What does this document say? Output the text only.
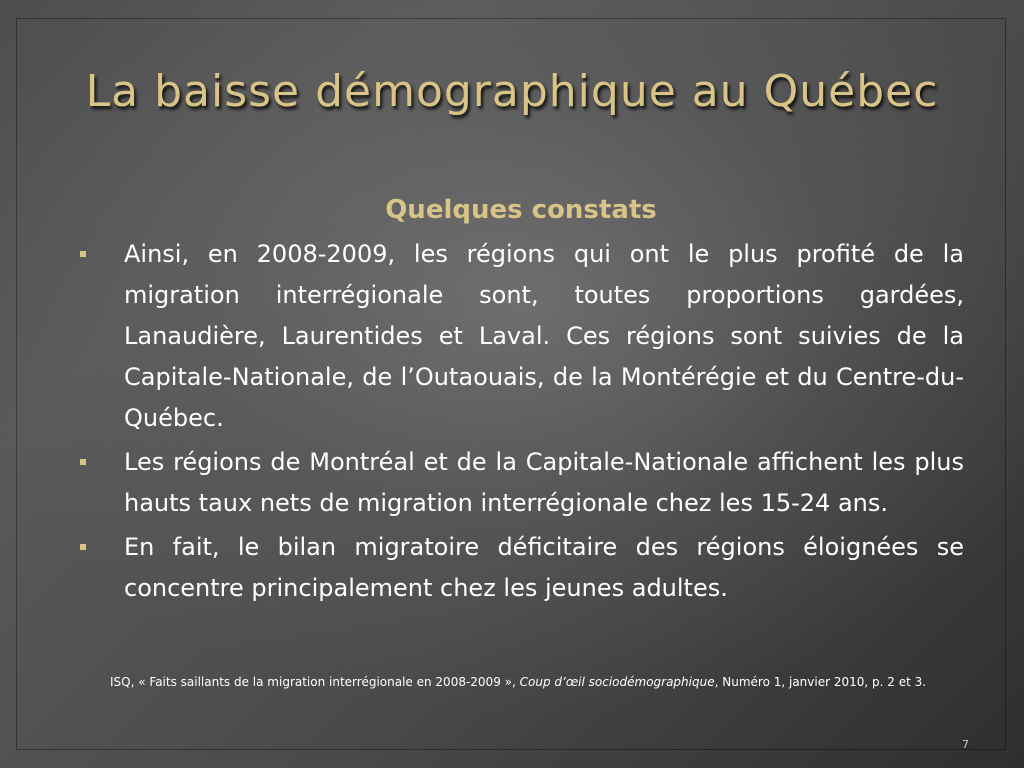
La baisse démographique au Québec
Quelques constats
Ainsi, en 2008-2009, les régions qui ont le plus profité de la migration interrégionale sont, toutes proportions gardées, Lanaudière, Laurentides et Laval. Ces régions sont suivies de la Capitale-Nationale, de l’Outaouais, de la Montérégie et du Centre-du-Québec.
Les régions de Montréal et de la Capitale-Nationale affichent les plus hauts taux nets de migration interrégionale chez les 15-24 ans.
En fait, le bilan migratoire déficitaire des régions éloignées se concentre principalement chez les jeunes adultes.
ISQ, « Faits saillants de la migration interrégionale en 2008-2009 », Coup d’œil sociodémographique, Numéro 1, janvier 2010, p. 2 et 3.
7
